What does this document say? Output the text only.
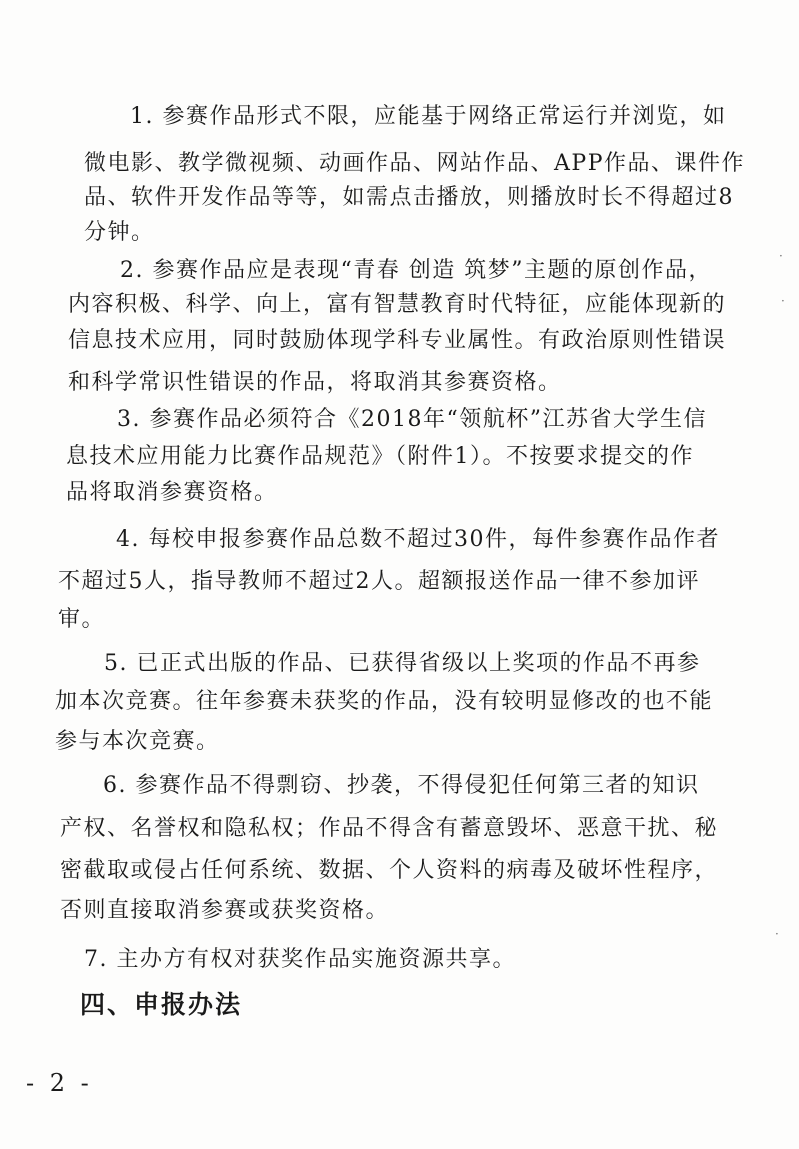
1. 参赛作品形式不限，应能基于网络正常运行并浏览，如
微电影、教学微视频、动画作品、网站作品、APP作品、课件作
品、软件开发作品等等，如需点击播放，则播放时长不得超过8
分钟。
2. 参赛作品应是表现“青春 创造 筑梦”主题的原创作品，
内容积极、科学、向上，富有智慧教育时代特征，应能体现新的
信息技术应用，同时鼓励体现学科专业属性。有政治原则性错误
和科学常识性错误的作品，将取消其参赛资格。
3. 参赛作品必须符合《2018年“领航杯”江苏省大学生信
息技术应用能力比赛作品规范》（附件1）。不按要求提交的作
品将取消参赛资格。
4. 每校申报参赛作品总数不超过30件，每件参赛作品作者
不超过5人，指导教师不超过2人。超额报送作品一律不参加评
审。
5. 已正式出版的作品、已获得省级以上奖项的作品不再参
加本次竞赛。往年参赛未获奖的作品，没有较明显修改的也不能
参与本次竞赛。
6. 参赛作品不得剽窃、抄袭，不得侵犯任何第三者的知识
产权、名誉权和隐私权；作品不得含有蓄意毁坏、恶意干扰、秘
密截取或侵占任何系统、数据、个人资料的病毒及破坏性程序，
否则直接取消参赛或获奖资格。
7. 主办方有权对获奖作品实施资源共享。
四、申报办法
- 2 -
·
·
·
